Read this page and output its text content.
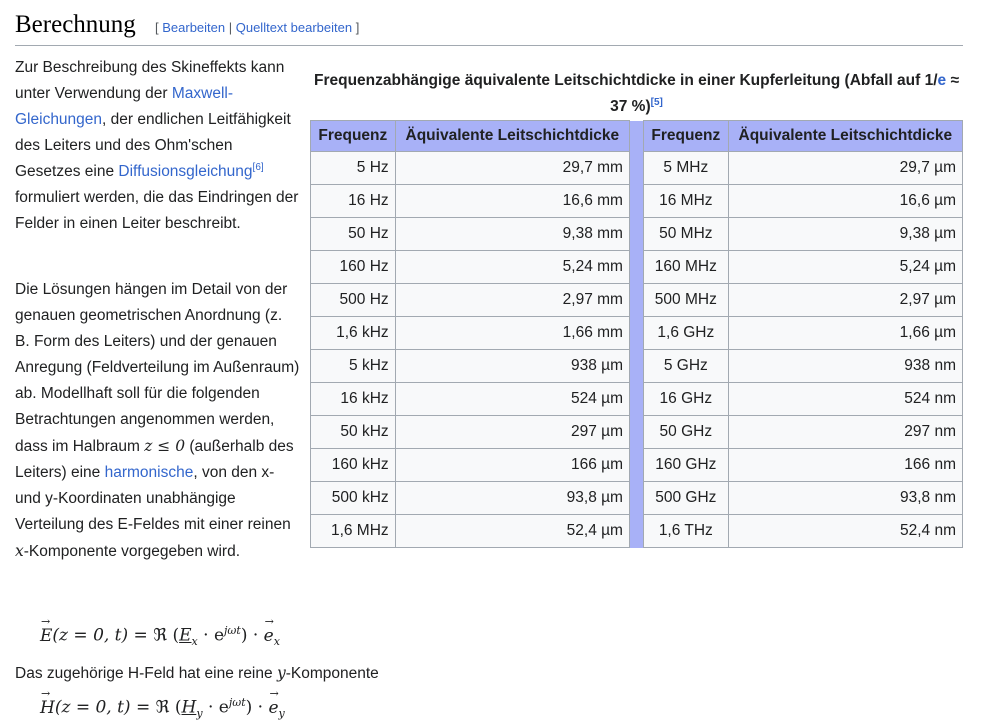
Berechnung [ Bearbeiten | Quelltext bearbeiten ]
Zur Beschreibung des Skineffekts kann unter Verwendung der Maxwell-Gleichungen, der endlichen Leitfähigkeit des Leiters und des Ohm'schen Gesetzes eine Diffusionsgleichung[6] formuliert werden, die das Eindringen der Felder in einen Leiter beschreibt.
Die Lösungen hängen im Detail von der genauen geometrischen Anordnung (z. B. Form des Leiters) und der genauen Anregung (Feldverteilung im Außenraum) ab. Modellhaft soll für die folgenden Betrachtungen angenommen werden, dass im Halbraum z ≤ 0 (außerhalb des Leiters) eine harmonische, von den x- und y-Koordinaten unabhängige Verteilung des E-Feldes mit einer reinen x-Komponente vorgegeben wird.
→ E(z = 0, t) = ℜ $(E_x \cdot e^{j\omega t})$ · → $e_x$
Das zugehörige H-Feld hat eine reine y-Komponente
→ H(z = 0, t) = ℜ $(H_y \cdot e^{j\omega t})$ · → $e_y$
Frequenzabhängige äquivalente Leitschichtdicke in einer Kupferleitung (Abfall auf 1/e ≈ 37 %)[5]
Frequenz	Äquivalente Leitschichtdicke		Frequenz	Äquivalente Leitschichtdicke
5 Hz	29,7 mm		5 MHz	29,7 µm
16 Hz	16,6 mm		16 MHz	16,6 µm
50 Hz	9,38 mm		50 MHz	9,38 µm
160 Hz	5,24 mm		160 MHz	5,24 µm
500 Hz	2,97 mm		500 MHz	2,97 µm
1,6 kHz	1,66 mm		1,6 GHz	1,66 µm
5 kHz	938 µm		5 GHz	938 nm
16 kHz	524 µm		16 GHz	524 nm
50 kHz	297 µm		50 GHz	297 nm
160 kHz	166 µm		160 GHz	166 nm
500 kHz	93,8 µm		500 GHz	93,8 nm
1,6 MHz	52,4 µm		1,6 THz	52,4 nm
